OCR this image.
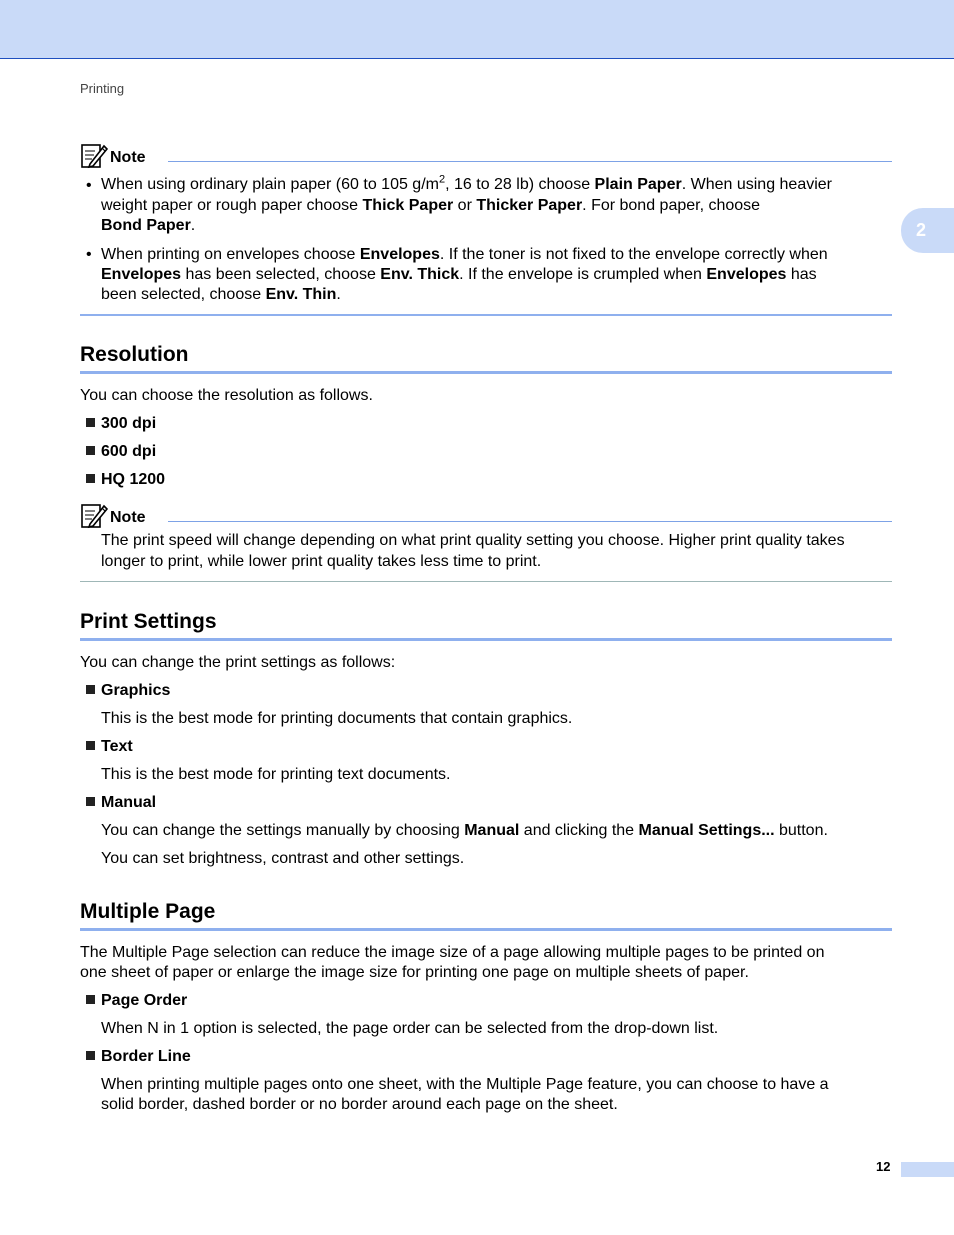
Printing
2
Note
• When using ordinary plain paper (60 to 105 $g/m^2$, 16 to 28 lb) choose Plain Paper. When using heavier
weight paper or rough paper choose Thick Paper or Thicker Paper. For bond paper, choose
Bond Paper.
• When printing on envelopes choose Envelopes. If the toner is not fixed to the envelope correctly when
Envelopes has been selected, choose Env. Thick. If the envelope is crumpled when Envelopes has
been selected, choose Env. Thin.
Resolution
You can choose the resolution as follows.
300 dpi
600 dpi
HQ 1200
Note
The print speed will change depending on what print quality setting you choose. Higher print quality takes
longer to print, while lower print quality takes less time to print.
Print Settings
You can change the print settings as follows:
Graphics
This is the best mode for printing documents that contain graphics.
Text
This is the best mode for printing text documents.
Manual
You can change the settings manually by choosing Manual and clicking the Manual Settings... button.
You can set brightness, contrast and other settings.
Multiple Page
The Multiple Page selection can reduce the image size of a page allowing multiple pages to be printed on
one sheet of paper or enlarge the image size for printing one page on multiple sheets of paper.
Page Order
When N in 1 option is selected, the page order can be selected from the drop-down list.
Border Line
When printing multiple pages onto one sheet, with the Multiple Page feature, you can choose to have a
solid border, dashed border or no border around each page on the sheet.
12
